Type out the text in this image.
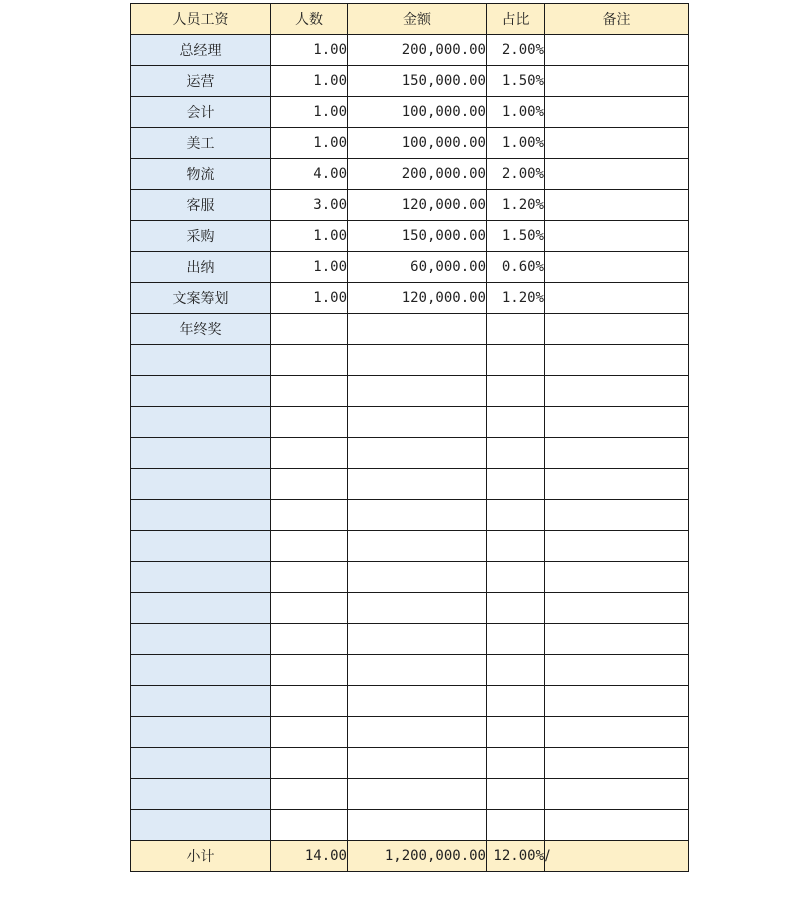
人员工资	人数	金额	占比	备注
总经理	1.00	200,000.00	2.00%	
运营	1.00	150,000.00	1.50%	
会计	1.00	100,000.00	1.00%	
美工	1.00	100,000.00	1.00%	
物流	4.00	200,000.00	2.00%	
客服	3.00	120,000.00	1.20%	
采购	1.00	150,000.00	1.50%	
出纳	1.00	60,000.00	0.60%	
文案筹划	1.00	120,000.00	1.20%	
年终奖				

小计	14.00	1,200,000.00	12.00%	/
